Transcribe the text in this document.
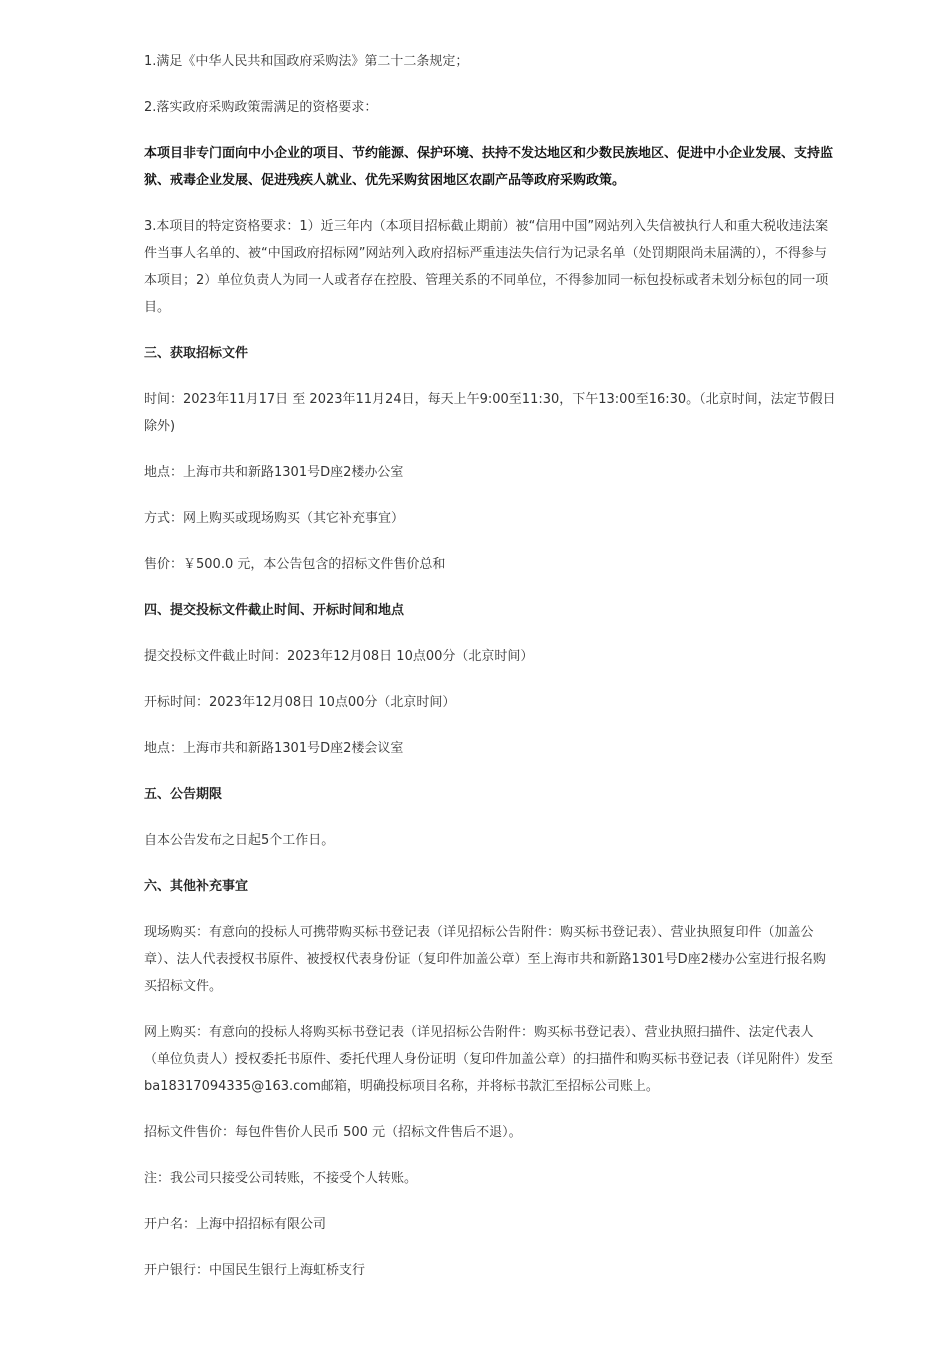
1.满足《中华人民共和国政府采购法》第二十二条规定；

2.落实政府采购政策需满足的资格要求：

本项目非专门面向中小企业的项目、节约能源、保护环境、扶持不发达地区和少数民族地区、促进中小企业发展、支持监狱、戒毒企业发展、促进残疾人就业、优先采购贫困地区农副产品等政府采购政策。

3.本项目的特定资格要求：1）近三年内（本项目招标截止期前）被“信用中国”网站列入失信被执行人和重大税收违法案件当事人名单的、被“中国政府招标网”网站列入政府招标严重违法失信行为记录名单（处罚期限尚未届满的），不得参与本项目；2）单位负责人为同一人或者存在控股、管理关系的不同单位，不得参加同一标包投标或者未划分标包的同一项目。

三、获取招标文件

时间：2023年11月17日 至 2023年11月24日，每天上午9:00至11:30，下午13:00至16:30。（北京时间，法定节假日除外)

地点：上海市共和新路1301号D座2楼办公室

方式：网上购买或现场购买（其它补充事宜）

售价：￥500.0 元，本公告包含的招标文件售价总和

四、提交投标文件截止时间、开标时间和地点

提交投标文件截止时间：2023年12月08日 10点00分（北京时间）

开标时间：2023年12月08日 10点00分（北京时间）

地点：上海市共和新路1301号D座2楼会议室

五、公告期限

自本公告发布之日起5个工作日。

六、其他补充事宜

现场购买：有意向的投标人可携带购买标书登记表（详见招标公告附件：购买标书登记表）、营业执照复印件（加盖公章）、法人代表授权书原件、被授权代表身份证（复印件加盖公章）至上海市共和新路1301号D座2楼办公室进行报名购买招标文件。

网上购买：有意向的投标人将购买标书登记表（详见招标公告附件：购买标书登记表）、营业执照扫描件、法定代表人（单位负责人）授权委托书原件、委托代理人身份证明（复印件加盖公章）的扫描件和购买标书登记表（详见附件）发至ba18317094335@163.com邮箱，明确投标项目名称，并将标书款汇至招标公司账上。

招标文件售价：每包件售价人民币 500 元（招标文件售后不退）。

注：我公司只接受公司转账，不接受个人转账。

开户名：上海中招招标有限公司

开户银行：中国民生银行上海虹桥支行
